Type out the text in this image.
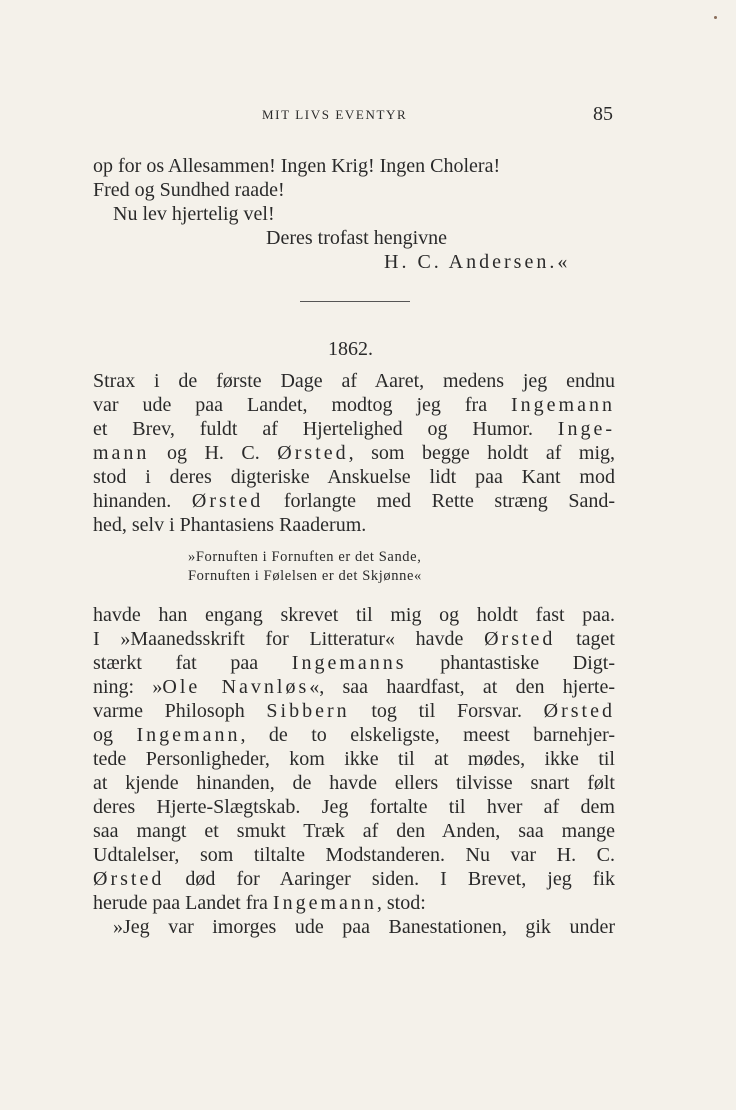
MIT LIVS EVENTYR	85
op for os Allesammen! Ingen Krig! Ingen Cholera!
Fred og Sundhed raade!
Nu lev hjertelig vel!
Deres trofast hengivne
H. C. Andersen.«
1862.
Strax i de første Dage af Aaret, medens jeg endnu
var ude paa Landet, modtog jeg fra Ingemann
et Brev, fuldt af Hjertelighed og Humor. Inge-
mann og H. C. Ørsted, som begge holdt af mig,
stod i deres digteriske Anskuelse lidt paa Kant mod
hinanden. Ørsted forlangte med Rette stræng Sand-
hed, selv i Phantasiens Raaderum.
»Fornuften i Fornuften er det Sande,
Fornuften i Følelsen er det Skjønne«
havde han engang skrevet til mig og holdt fast paa.
I »Maanedsskrift for Litteratur« havde Ørsted taget
stærkt fat paa Ingemanns phantastiske Digt-
ning: »Ole Navnløs«, saa haardfast, at den hjerte-
varme Philosoph Sibbern tog til Forsvar. Ørsted
og Ingemann, de to elskeligste, meest barnehjer-
tede Personligheder, kom ikke til at mødes, ikke til
at kjende hinanden, de havde ellers tilvisse snart følt
deres Hjerte-Slægtskab. Jeg fortalte til hver af dem
saa mangt et smukt Træk af den Anden, saa mange
Udtalelser, som tiltalte Modstanderen. Nu var H. C.
Ørsted død for Aaringer siden. I Brevet, jeg fik
herude paa Landet fra Ingemann, stod:
»Jeg var imorges ude paa Banestationen, gik under
